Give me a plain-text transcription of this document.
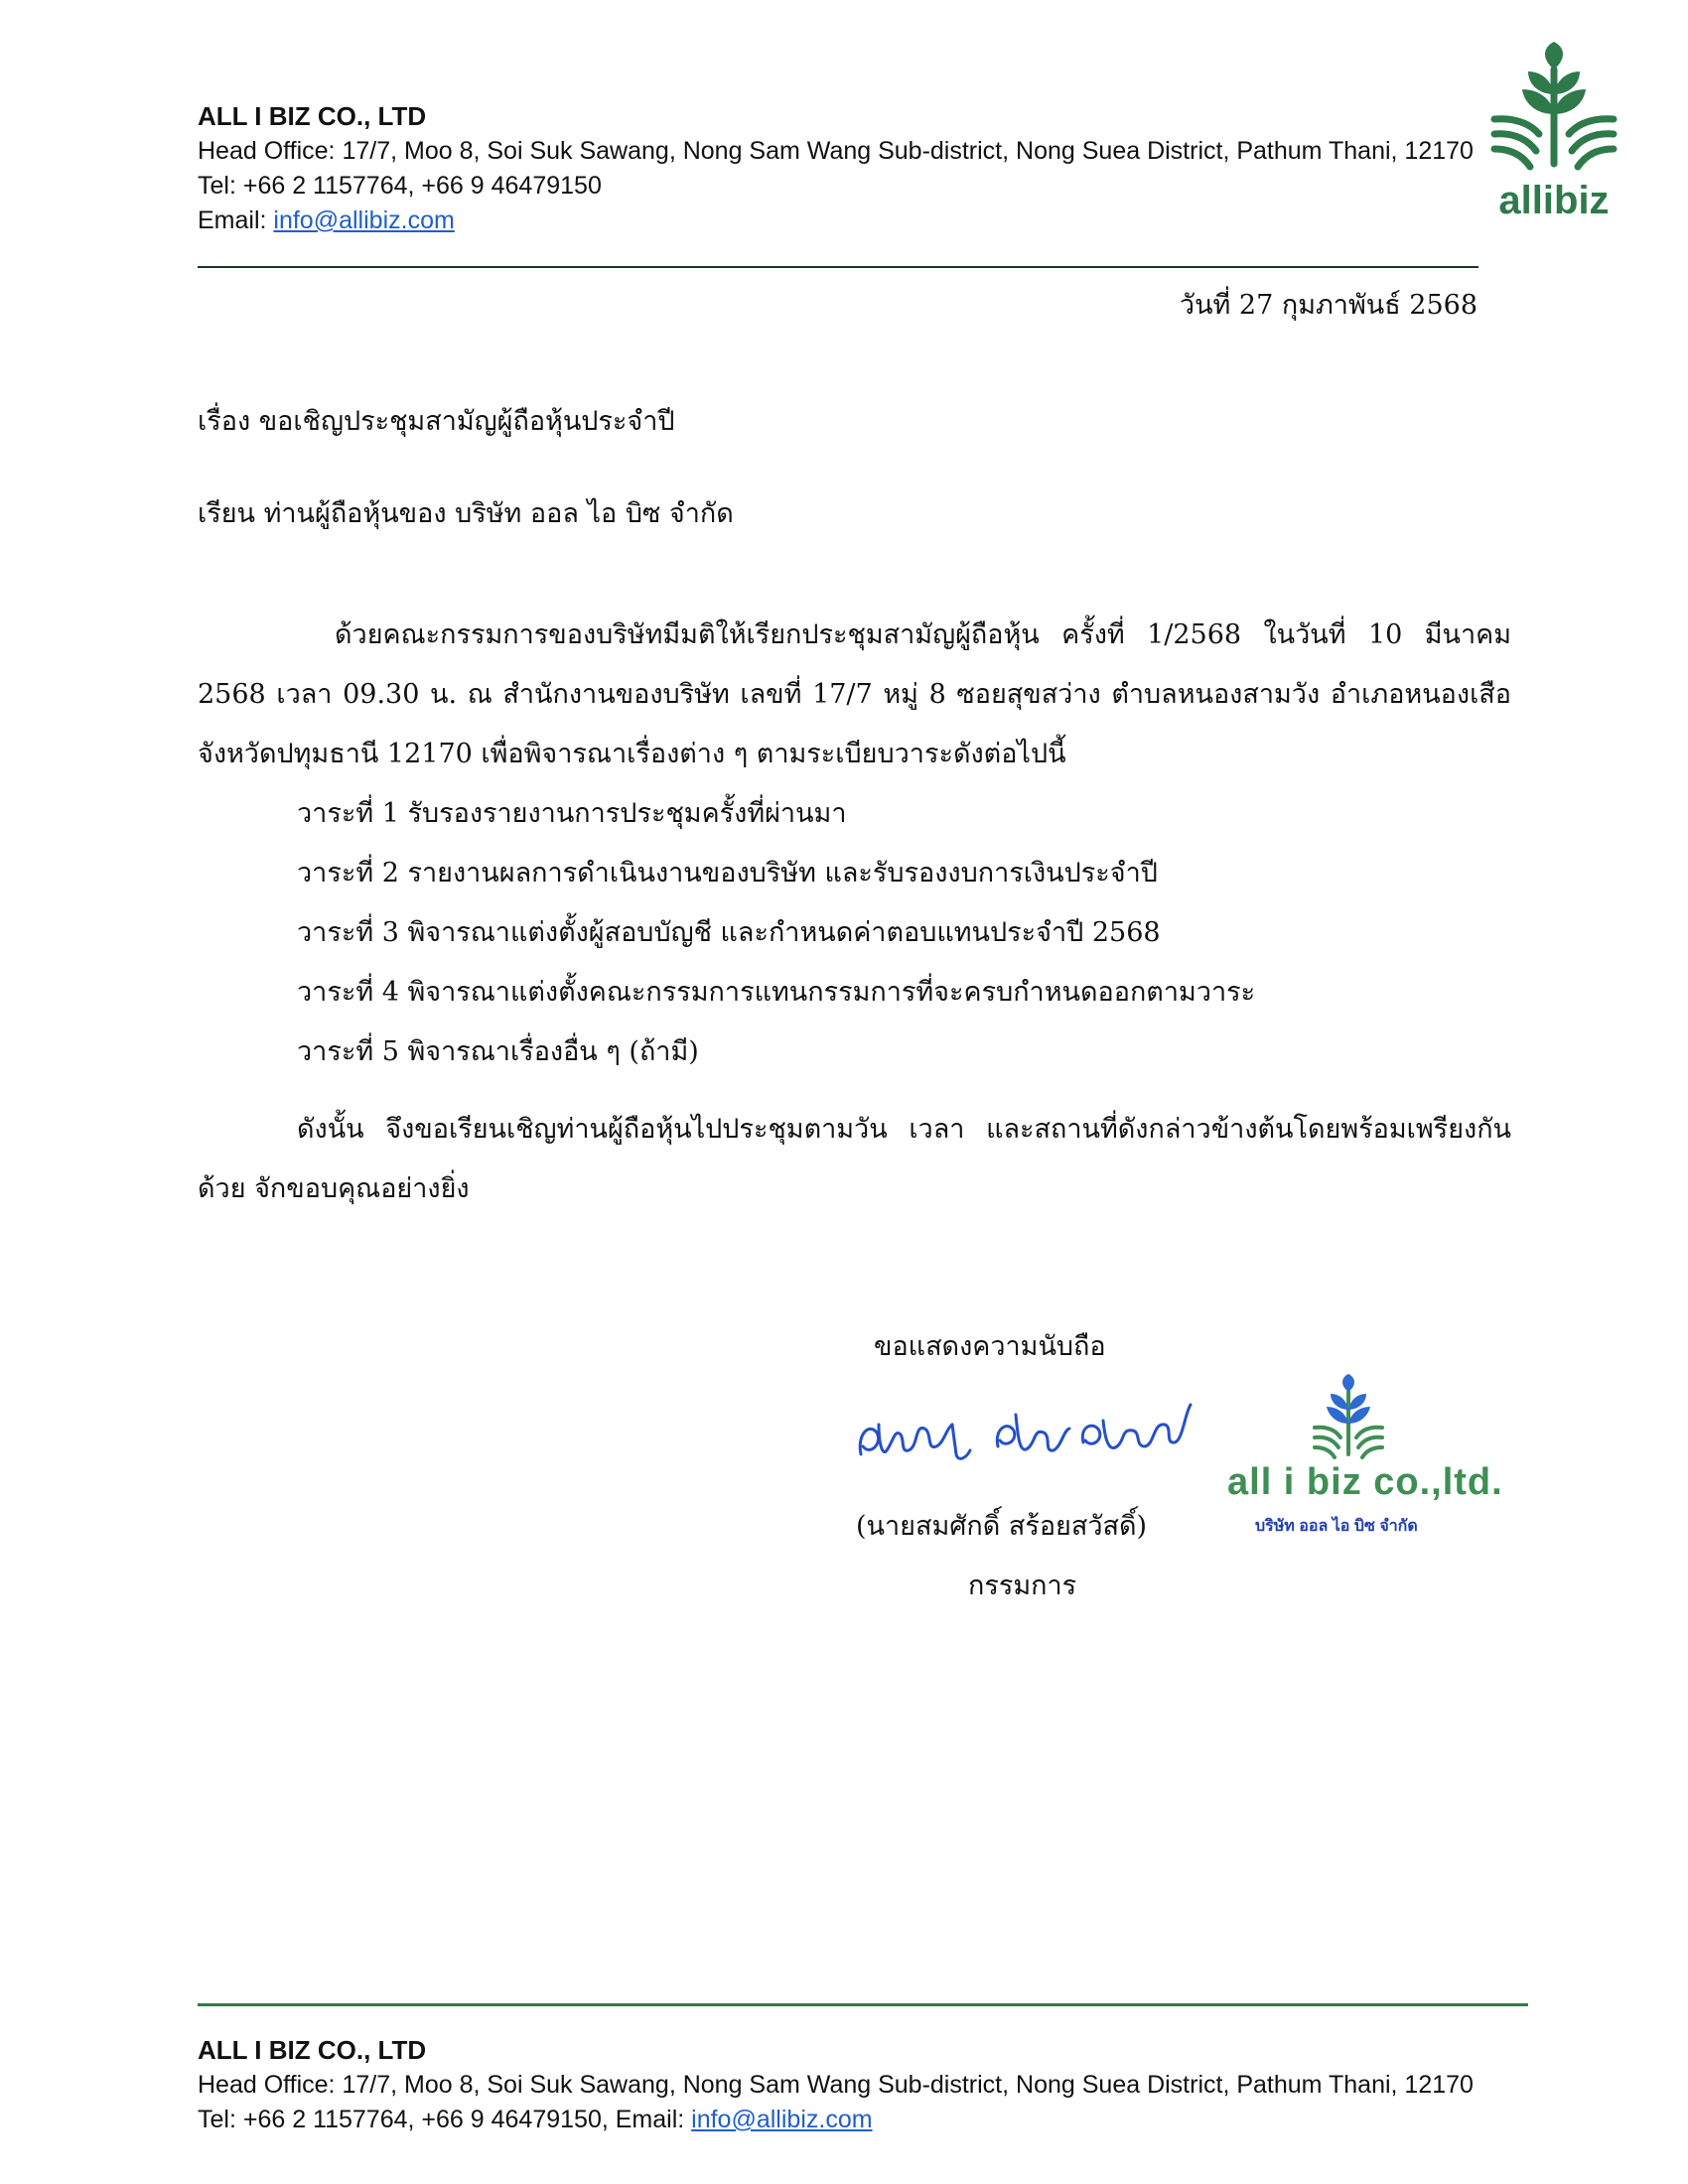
ALL I BIZ CO., LTD
Head Office: 17/7, Moo 8, Soi Suk Sawang, Nong Sam Wang Sub-district, Nong Suea District, Pathum Thani, 12170
Tel: +66 2 1157764, +66 9 46479150
Email: info@allibiz.com	allibiz
วันที่ 27 กุมภาพันธ์ 2568
เรื่อง ขอเชิญประชุมสามัญผู้ถือหุ้นประจำปี
เรียน ท่านผู้ถือหุ้นของ บริษัท ออล ไอ บิซ จำกัด

ด้วยคณะกรรมการของบริษัทมีมติให้เรียกประชุมสามัญผู้ถือหุ้น ครั้งที่ 1/2568 ในวันที่ 10 มีนาคม 2568 เวลา 09.30 น. ณ สำนักงานของบริษัท เลขที่ 17/7 หมู่ 8 ซอยสุขสว่าง ตำบลหนองสามวัง อำเภอหนองเสือ จังหวัดปทุมธานี 12170 เพื่อพิจารณาเรื่องต่าง ๆ ตามระเบียบวาระดังต่อไปนี้

วาระที่ 1 รับรองรายงานการประชุมครั้งที่ผ่านมา
วาระที่ 2 รายงานผลการดำเนินงานของบริษัท และรับรองงบการเงินประจำปี
วาระที่ 3 พิจารณาแต่งตั้งผู้สอบบัญชี และกำหนดค่าตอบแทนประจำปี 2568
วาระที่ 4 พิจารณาแต่งตั้งคณะกรรมการแทนกรรมการที่จะครบกำหนดออกตามวาระ
วาระที่ 5 พิจารณาเรื่องอื่น ๆ (ถ้ามี)

ดังนั้น จึงขอเรียนเชิญท่านผู้ถือหุ้นไปประชุมตามวัน เวลา และสถานที่ดังกล่าวข้างต้นโดยพร้อมเพรียงกันด้วย จักขอบคุณอย่างยิ่ง

ขอแสดงความนับถือ
(นายสมศักดิ์ สร้อยสวัสดิ์)
กรรมการ
all i biz co.,ltd.
บริษัท ออล ไอ บิซ จำกัด
ALL I BIZ CO., LTD
Head Office: 17/7, Moo 8, Soi Suk Sawang, Nong Sam Wang Sub-district, Nong Suea District, Pathum Thani, 12170
Tel: +66 2 1157764, +66 9 46479150, Email: info@allibiz.com
